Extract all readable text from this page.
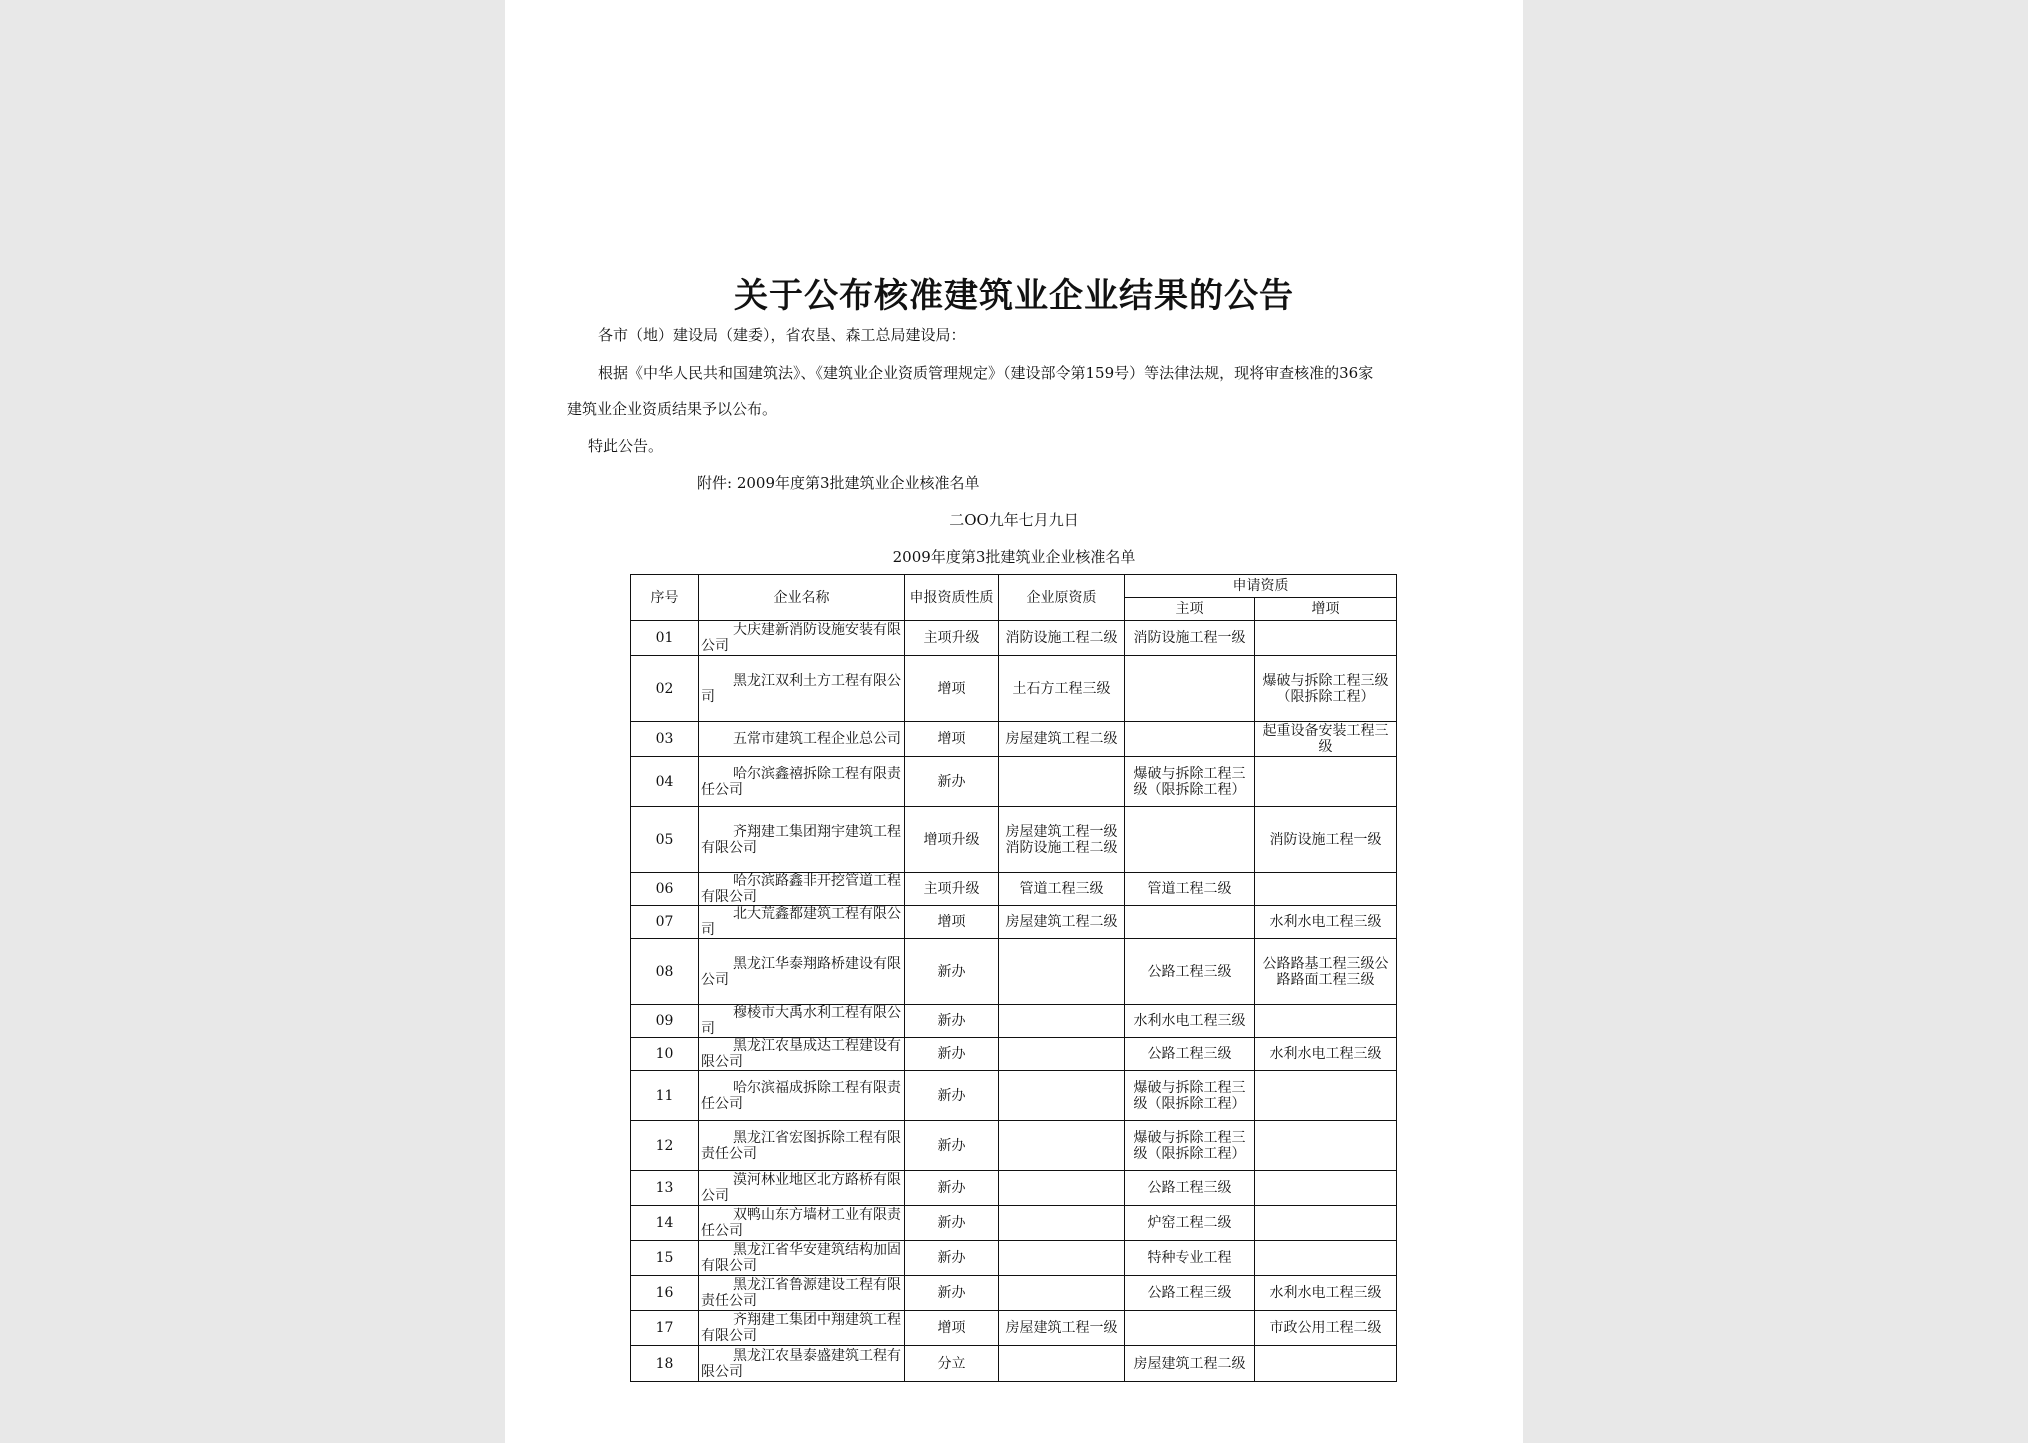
关于公布核准建筑业企业结果的公告
各市（地）建设局（建委），省农垦、森工总局建设局：
根据《中华人民共和国建筑法》、《建筑业企业资质管理规定》（建设部令第159号）等法律法规，现将审查核准的36家
建筑业企业资质结果予以公布。
特此公告。
附件: 2009年度第3批建筑业企业核准名单
二OO九年七月九日
2009年度第3批建筑业企业核准名单
序号	企业名称	申报资质性质	企业原资质	申请资质	
				主项	增项
01	大庆建新消防设施安装有限公司	主项升级	消防设施工程二级	消防设施工程一级	
02	黑龙江双利土方工程有限公司	增项	土石方工程三级		爆破与拆除工程三级（限拆除工程）
03	五常市建筑工程企业总公司	增项	房屋建筑工程二级		起重设备安装工程三级
04	哈尔滨鑫禧拆除工程有限责任公司	新办		爆破与拆除工程三级（限拆除工程）	
05	齐翔建工集团翔宇建筑工程有限公司	增项升级	房屋建筑工程一级消防设施工程二级		消防设施工程一级
06	哈尔滨路鑫非开挖管道工程有限公司	主项升级	管道工程三级	管道工程二级	
07	北大荒鑫都建筑工程有限公司	增项	房屋建筑工程二级		水利水电工程三级
08	黑龙江华泰翔路桥建设有限公司	新办		公路工程三级	公路路基工程三级公路路面工程三级
09	穆棱市大禹水利工程有限公司	新办		水利水电工程三级	
10	黑龙江农垦成达工程建设有限公司	新办		公路工程三级	水利水电工程三级
11	哈尔滨福成拆除工程有限责任公司	新办		爆破与拆除工程三级（限拆除工程）	
12	黑龙江省宏图拆除工程有限责任公司	新办		爆破与拆除工程三级（限拆除工程）	
13	漠河林业地区北方路桥有限公司	新办		公路工程三级	
14	双鸭山东方墙材工业有限责任公司	新办		炉窑工程二级	
15	黑龙江省华安建筑结构加固有限公司	新办		特种专业工程	
16	黑龙江省鲁源建设工程有限责任公司	新办		公路工程三级	水利水电工程三级
17	齐翔建工集团中翔建筑工程有限公司	增项	房屋建筑工程一级		市政公用工程二级
18	黑龙江农垦泰盛建筑工程有限公司	分立		房屋建筑工程二级	
